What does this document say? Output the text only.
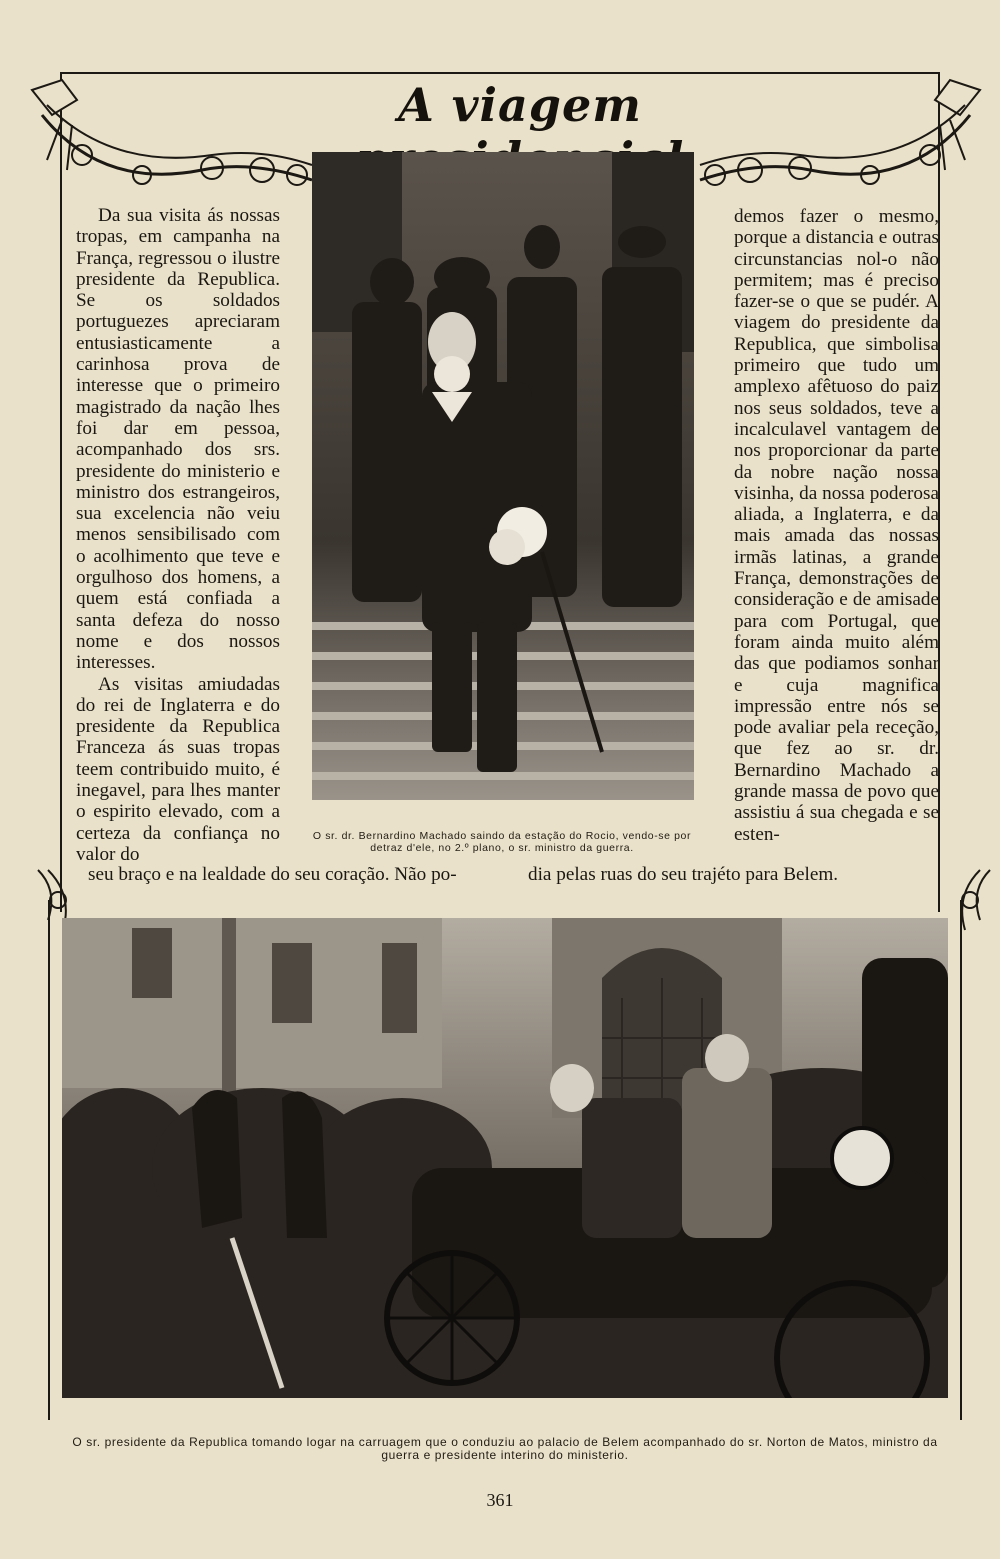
A viagem

Da sua visita ás nossas tropas, em campanha na França, regressou o ilustre presidente da Republica. Se os soldados portuguezes apreciaram entusiasticamente a carinhosa prova de interesse que o primeiro magistrado da nação lhes foi dar em pessoa, acompanhado dos srs. presidente do ministerio e ministro dos estrangeiros, sua excelencia não veiu menos sensibilisado com o acolhimento que teve e orgulhoso dos homens, a quem está confiada a santa defeza do nosso nome e dos nossos interesses.

As visitas amiudadas do rei de Inglaterra e do presidente da Republica Franceza ás suas tropas teem contribuido muito, é inegavel, para lhes manter o espirito elevado, com a certeza da confiança no valor do

demos fazer o mesmo, porque a distancia e outras circunstancias nol-o não permitem; mas é preciso fazer-se o que se pudér. A viagem do presidente da Republica, que simbolisa primeiro que tudo um amplexo afêtuoso do paiz nos seus soldados, teve a incalculavel vantagem de nos proporcionar da parte da nobre nação nossa visinha, da nossa poderosa aliada, a Inglaterra, e da mais amada das nossas irmãs latinas, a grande França, demonstrações de consideração e de amisade para com Portugal, que foram ainda muito além das que podiamos sonhar e cuja magnifica impressão entre nós se pode avaliar pela receção, que fez ao sr. dr. Bernardino Machado a grande massa de povo que assistiu á sua chegada e se esten-

seu braço e na lealdade do seu coração. Não po-	dia pelas ruas do seu trajéto para Belem.
O sr. dr. Bernardino Machado saindo da estação do Rocio, vendo-se por detraz d'ele, no 2.º plano, o sr. ministro da guerra.
O sr. presidente da Republica tomando logar na carruagem que o conduziu ao palacio de Belem acompanhado do sr. Norton de Matos, ministro da guerra e presidente interino do ministerio.
361
